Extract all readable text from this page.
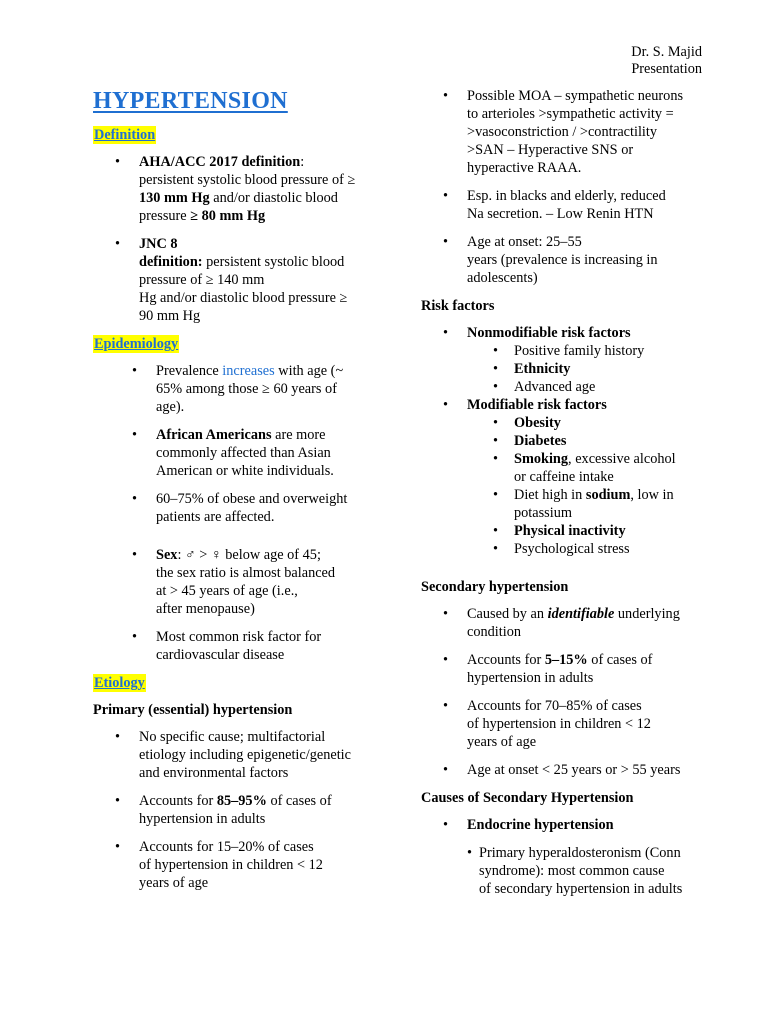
Dr. S. Majid
Presentation
HYPERTENSION
Definition
• AHA/ACC 2017 definition:
persistent systolic blood pressure of ≥
130 mm Hg and/or diastolic blood
pressure ≥ 80 mm Hg
• JNC 8
definition: persistent systolic blood
pressure of ≥ 140 mm
Hg and/or diastolic blood pressure ≥
90 mm Hg
Epidemiology
• Prevalence increases with age (~
65% among those ≥ 60 years of
age).
• African Americans are more
commonly affected than Asian
American or white individuals.
• 60–75% of obese and overweight
patients are affected.
• Sex: ♂ > ♀ below age of 45;
the sex ratio is almost balanced
at > 45 years of age (i.e.,
after menopause)
• Most common risk factor for
cardiovascular disease
Etiology
Primary (essential) hypertension
• No specific cause; multifactorial
etiology including epigenetic/genetic
and environmental factors
• Accounts for 85–95% of cases of
hypertension in adults
• Accounts for 15–20% of cases
of hypertension in children < 12
years of age
• Possible MOA – sympathetic neurons
to arterioles >sympathetic activity =
>vasoconstriction / >contractility
>SAN – Hyperactive SNS or
hyperactive RAAA.
• Esp. in blacks and elderly, reduced
Na secretion. – Low Renin HTN
• Age at onset: 25–55
years (prevalence is increasing in
adolescents)
Risk factors
• Nonmodifiable risk factors
• Positive family history
• Ethnicity
• Advanced age
• Modifiable risk factors
• Obesity
• Diabetes
• Smoking, excessive alcohol
or caffeine intake
• Diet high in sodium, low in
potassium
• Physical inactivity
• Psychological stress
Secondary hypertension
• Caused by an identifiable underlying
condition
• Accounts for 5–15% of cases of
hypertension in adults
• Accounts for 70–85% of cases
of hypertension in children < 12
years of age
• Age at onset < 25 years or > 55 years
Causes of Secondary Hypertension
• Endocrine hypertension
• Primary hyperaldosteronism (Conn
syndrome): most common cause
of secondary hypertension in adults
